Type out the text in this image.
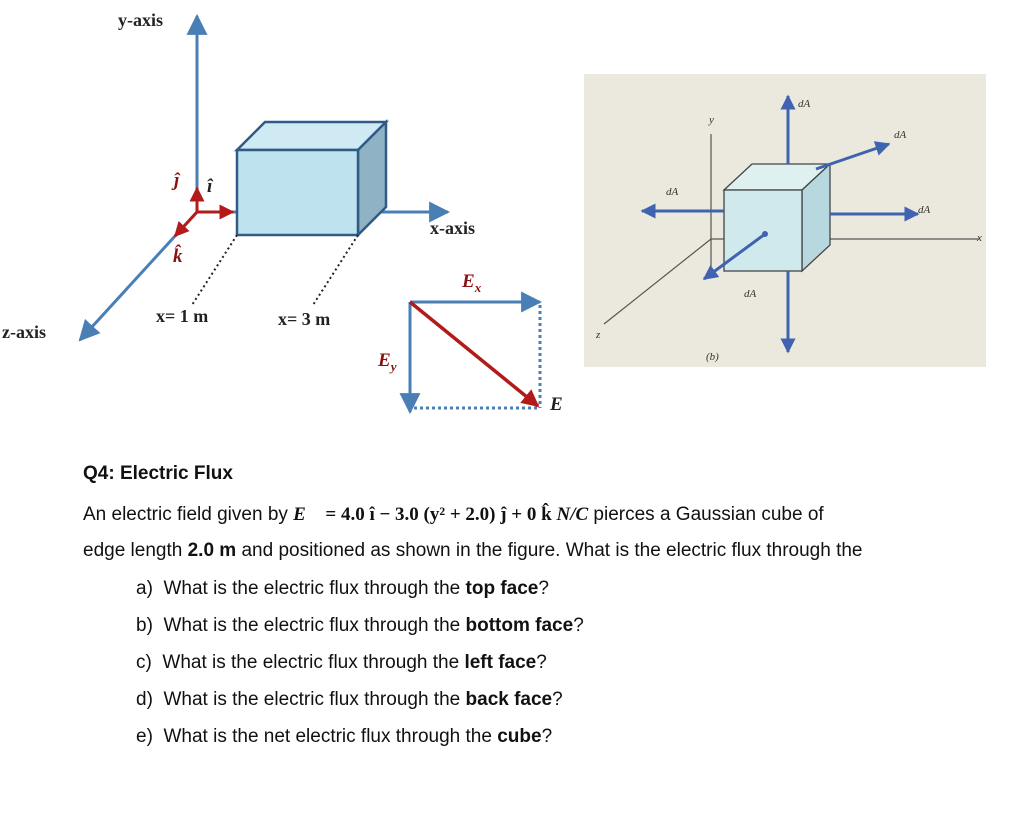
y-axis
x-axis
z-axis
ĵ î
k̂
x= 1 m	x= 3 m
$E_x$
$E_y$
E⃗
dA⃗
dA⃗
dA⃗
dA⃗
dA⃗
y
x
z
(b)
Q4: Electric Flux
An electric field given by E⃗ = 4.0 î − 3.0 (y² + 2.0) ĵ + 0 k̂ N/C pierces a Gaussian cube of
edge length 2.0 m and positioned as shown in the figure. What is the electric flux through the
a) What is the electric flux through the top face?
b) What is the electric flux through the bottom face?
c) What is the electric flux through the left face?
d) What is the electric flux through the back face?
e) What is the net electric flux through the cube?
